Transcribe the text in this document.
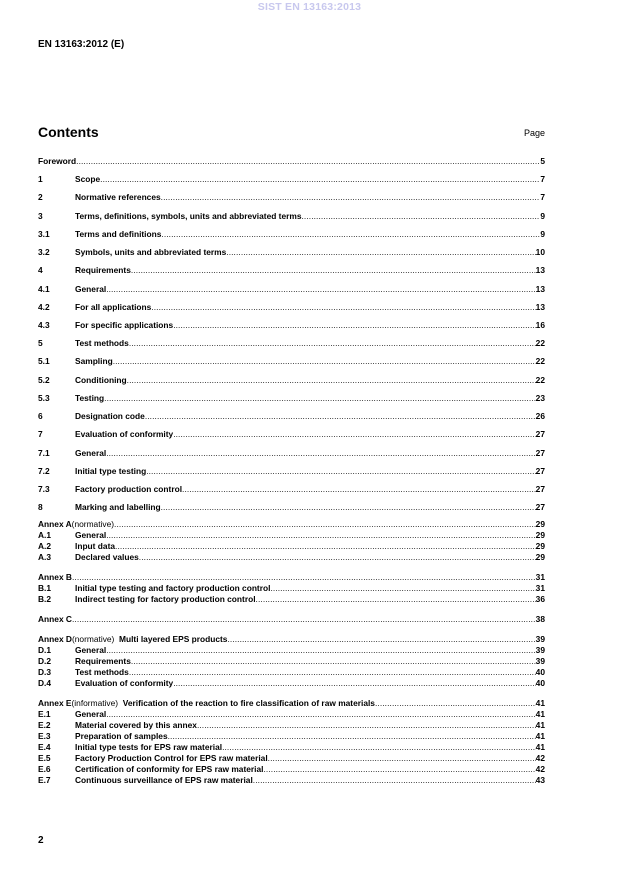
SIST EN 13163:2013
EN 13163:2012 (E)
Contents	Page
Foreword .....	5
1	Scope .....	7
2	Normative references .....	7
3	Terms, definitions, symbols, units and abbreviated terms .....	9
3.1	Terms and definitions .....	9
3.2	Symbols, units and abbreviated terms .....	10
4	Requirements .....	13
4.1	General .....	13
4.2	For all applications .....	13
4.3	For specific applications .....	16
5	Test methods .....	22
5.1	Sampling .....	22
5.2	Conditioning .....	22
5.3	Testing .....	23
6	Designation code .....	26
7	Evaluation of conformity .....	27
7.1	General .....	27
7.2	Initial type testing .....	27
7.3	Factory production control .....	27
8	Marking and labelling .....	27
Annex A (normative) .....	29
A.1	General .....	29
A.2	Input data .....	29
A.3	Declared values .....	29
Annex B .....	31
B.1	Initial type testing and factory production control .....	31
B.2	Indirect testing for factory production control .....	36
Annex C .....	38
Annex D (normative) Multi layered EPS products .....	39
D.1	General .....	39
D.2	Requirements .....	39
D.3	Test methods .....	40
D.4	Evaluation of conformity .....	40
Annex E (informative) Verification of the reaction to fire classification of raw materials .....	41
E.1	General .....	41
E.2	Material covered by this annex .....	41
E.3	Preparation of samples .....	41
E.4	Initial type tests for EPS raw material .....	41
E.5	Factory Production Control for EPS raw material .....	42
E.6	Certification of conformity for EPS raw material .....	42
E.7	Continuous surveillance of EPS raw material .....	43
2
